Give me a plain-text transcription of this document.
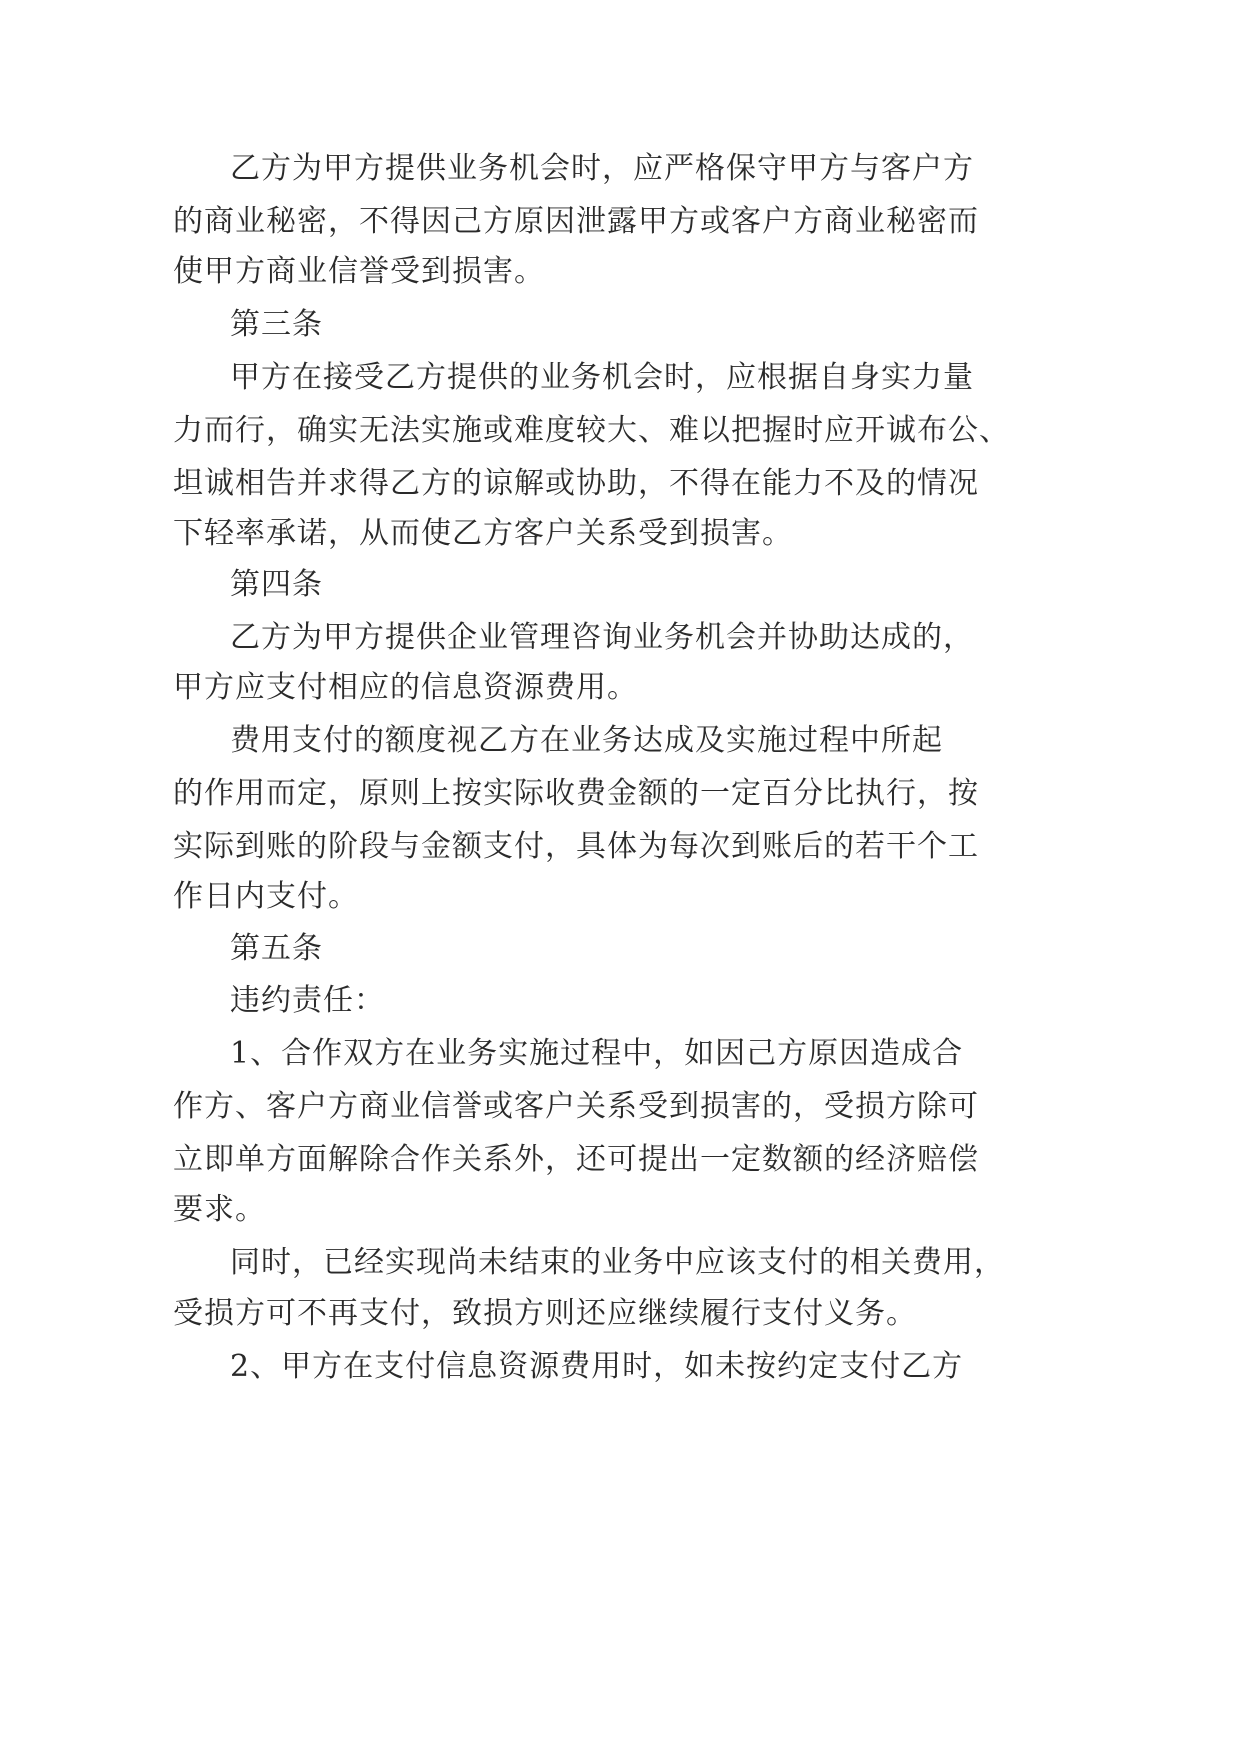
乙方为甲方提供业务机会时，应严格保守甲方与客户方
的商业秘密，不得因己方原因泄露甲方或客户方商业秘密而
使甲方商业信誉受到损害。
第三条
甲方在接受乙方提供的业务机会时，应根据自身实力量
力而行，确实无法实施或难度较大、难以把握时应开诚布公、
坦诚相告并求得乙方的谅解或协助，不得在能力不及的情况
下轻率承诺，从而使乙方客户关系受到损害。
第四条
乙方为甲方提供企业管理咨询业务机会并协助达成的，
甲方应支付相应的信息资源费用。
费用支付的额度视乙方在业务达成及实施过程中所起
的作用而定，原则上按实际收费金额的一定百分比执行，按
实际到账的阶段与金额支付，具体为每次到账后的若干个工
作日内支付。
第五条
违约责任：
1、合作双方在业务实施过程中，如因己方原因造成合
作方、客户方商业信誉或客户关系受到损害的，受损方除可
立即单方面解除合作关系外，还可提出一定数额的经济赔偿
要求。
同时，已经实现尚未结束的业务中应该支付的相关费用，
受损方可不再支付，致损方则还应继续履行支付义务。
2、甲方在支付信息资源费用时，如未按约定支付乙方
